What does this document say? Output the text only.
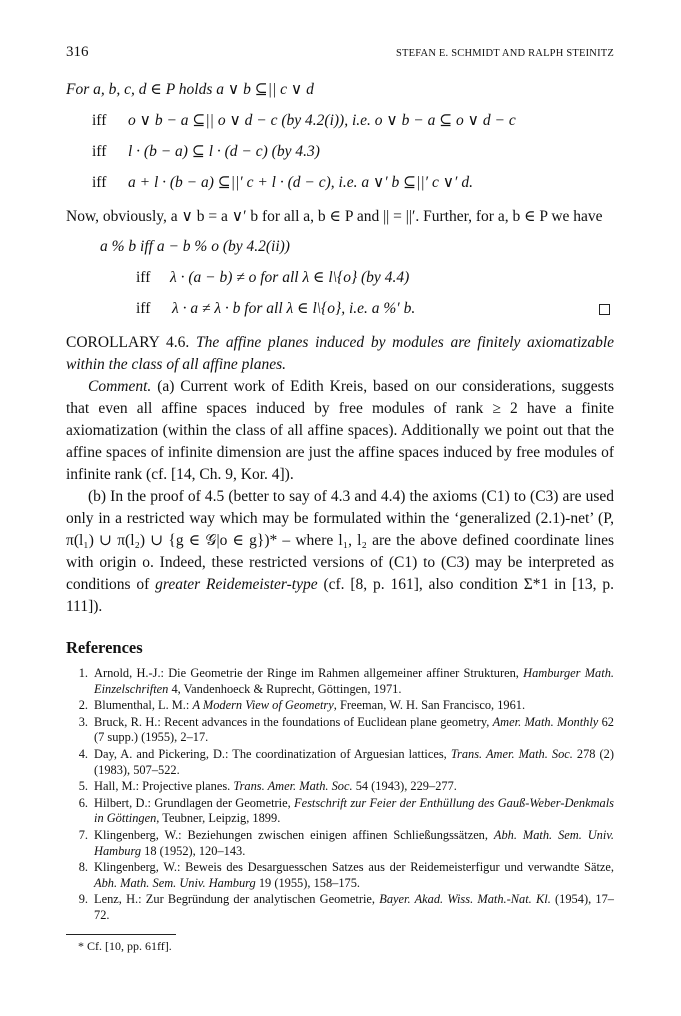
316	STEFAN E. SCHMIDT AND RALPH STEINITZ
For a, b, c, d ∈ P holds a ∨ b ⊆|| c ∨ d
iff o ∨ b − a ⊆|| o ∨ d − c (by 4.2(i)), i.e. o ∨ b − a ⊆ o ∨ d − c
iff l · (b − a) ⊆ l · (d − c) (by 4.3)
iff a + l · (b − a) ⊆||′ c + l · (d − c), i.e. a ∨′ b ⊆||′ c ∨′ d.

Now, obviously, a ∨ b = a ∨′ b for all a, b ∈ P and || = ||′. Further, for a, b ∈ P we have

a % b iff a − b % o (by 4.2(ii))
iff λ · (a − b) ≠ o for all λ ∈ l\{o} (by 4.4)
iff λ · a ≠ λ · b for all λ ∈ l\{o}, i.e. a %′ b.

COROLLARY 4.6. The affine planes induced by modules are finitely axiomatizable within the class of all affine planes.

Comment. (a) Current work of Edith Kreis, based on our considerations, suggests that even all affine spaces induced by free modules of rank ≥ 2 have a finite axiomatization (within the class of all affine spaces). Additionally we point out that the affine spaces of infinite dimension are just the affine spaces induced by free modules of infinite rank (cf. [14, Ch. 9, Kor. 4]).

(b) In the proof of 4.5 (better to say of 4.3 and 4.4) the axioms (C1) to (C3) are used only in a restricted way which may be formulated within the ‘generalized (2.1)-net’ (P, π(l₁) ∪ π(l₂) ∪ {g ∈ 𝒢|o ∈ g})* – where l₁, l₂ are the above defined coordinate lines with origin o. Indeed, these restricted versions of (C1) to (C3) may be interpreted as conditions of greater Reidemeister-type (cf. [8, p. 161], also condition Σ*1 in [13, p. 111]).

References
1. Arnold, H.-J.: Die Geometrie der Ringe im Rahmen allgemeiner affiner Strukturen, Hamburger Math. Einzelschriften 4, Vandenhoeck & Ruprecht, Göttingen, 1971.
2. Blumenthal, L. M.: A Modern View of Geometry, Freeman, W. H. San Francisco, 1961.
3. Bruck, R. H.: Recent advances in the foundations of Euclidean plane geometry, Amer. Math. Monthly 62 (7 supp.) (1955), 2–17.
4. Day, A. and Pickering, D.: The coordinatization of Arguesian lattices, Trans. Amer. Math. Soc. 278 (2) (1983), 507–522.
5. Hall, M.: Projective planes. Trans. Amer. Math. Soc. 54 (1943), 229–277.
6. Hilbert, D.: Grundlagen der Geometrie, Festschrift zur Feier der Enthüllung des Gauß-Weber-Denkmals in Göttingen, Teubner, Leipzig, 1899.
7. Klingenberg, W.: Beziehungen zwischen einigen affinen Schließungssätzen, Abh. Math. Sem. Univ. Hamburg 18 (1952), 120–143.
8. Klingenberg, W.: Beweis des Desarguesschen Satzes aus der Reidemeisterfigur und verwandte Sätze, Abh. Math. Sem. Univ. Hamburg 19 (1955), 158–175.
9. Lenz, H.: Zur Begründung der analytischen Geometrie, Bayer. Akad. Wiss. Math.-Nat. Kl. (1954), 17–72.
* Cf. [10, pp. 61ff].
